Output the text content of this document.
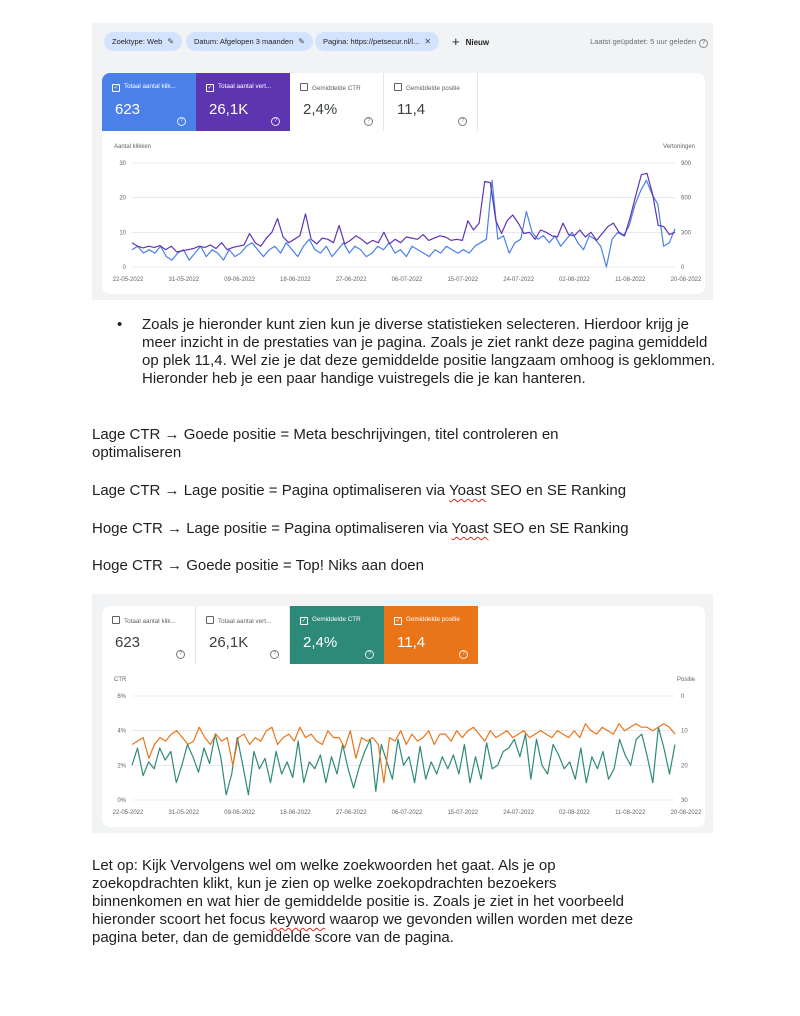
Zoektype: Web ✎	Datum: Afgelopen 3 maanden ✎	Pagina: https://petsecur.nl/l... ✕	+ Nieuw	Laatst geüpdatet: 5 uur geleden ?
✓ Totaal aantal klik...
623
?
✓ Totaal aantal vert...
26,1K
?
Gemiddelde CTR
2,4%
?
Gemiddelde positie
11,4
?
Aantal klikken	Vertoningen
30	900
20	600
10	300
0	0
22-05-2022	31-05-2022	09-06-2022	18-06-2022	27-06-2022	06-07-2022	15-07-2022	24-07-2022	02-08-2022	11-08-2022	20-08-2022
• Zoals je hieronder kunt zien kun je diverse statistieken selecteren. Hierdoor krijg je meer inzicht in de prestaties van je pagina. Zoals je ziet rankt deze pagina gemiddeld op plek 11,4. Wel zie je dat deze gemiddelde positie langzaam omhoog is geklommen. Hieronder heb je een paar handige vuistregels die je kan hanteren.
Lage CTR → Goede positie = Meta beschrijvingen, titel controleren en
optimaliseren
Lage CTR → Lage positie = Pagina optimaliseren via Yoast SEO en SE Ranking
Hoge CTR → Lage positie = Pagina optimaliseren via Yoast SEO en SE Ranking
Hoge CTR → Goede positie = Top! Niks aan doen
Totaal aantal klik...
623
?
Totaal aantal vert...
26,1K
?
✓ Gemiddelde CTR
2,4%
?
✓ Gemiddelde positie
11,4
?
CTR	Positie
6%	0
4%	10
2%	20
0%	30
22-05-2022	31-05-2022	09-06-2022	18-06-2022	27-06-2022	06-07-2022	15-07-2022	24-07-2022	02-08-2022	11-08-2022	20-08-2022
Let op: Kijk Vervolgens wel om welke zoekwoorden het gaat. Als je op
zoekopdrachten klikt, kun je zien op welke zoekopdrachten bezoekers
binnenkomen en wat hier de gemiddelde positie is. Zoals je ziet in het voorbeeld
hieronder scoort het focus keyword waarop we gevonden willen worden met deze
pagina beter, dan de gemiddelde score van de pagina.
